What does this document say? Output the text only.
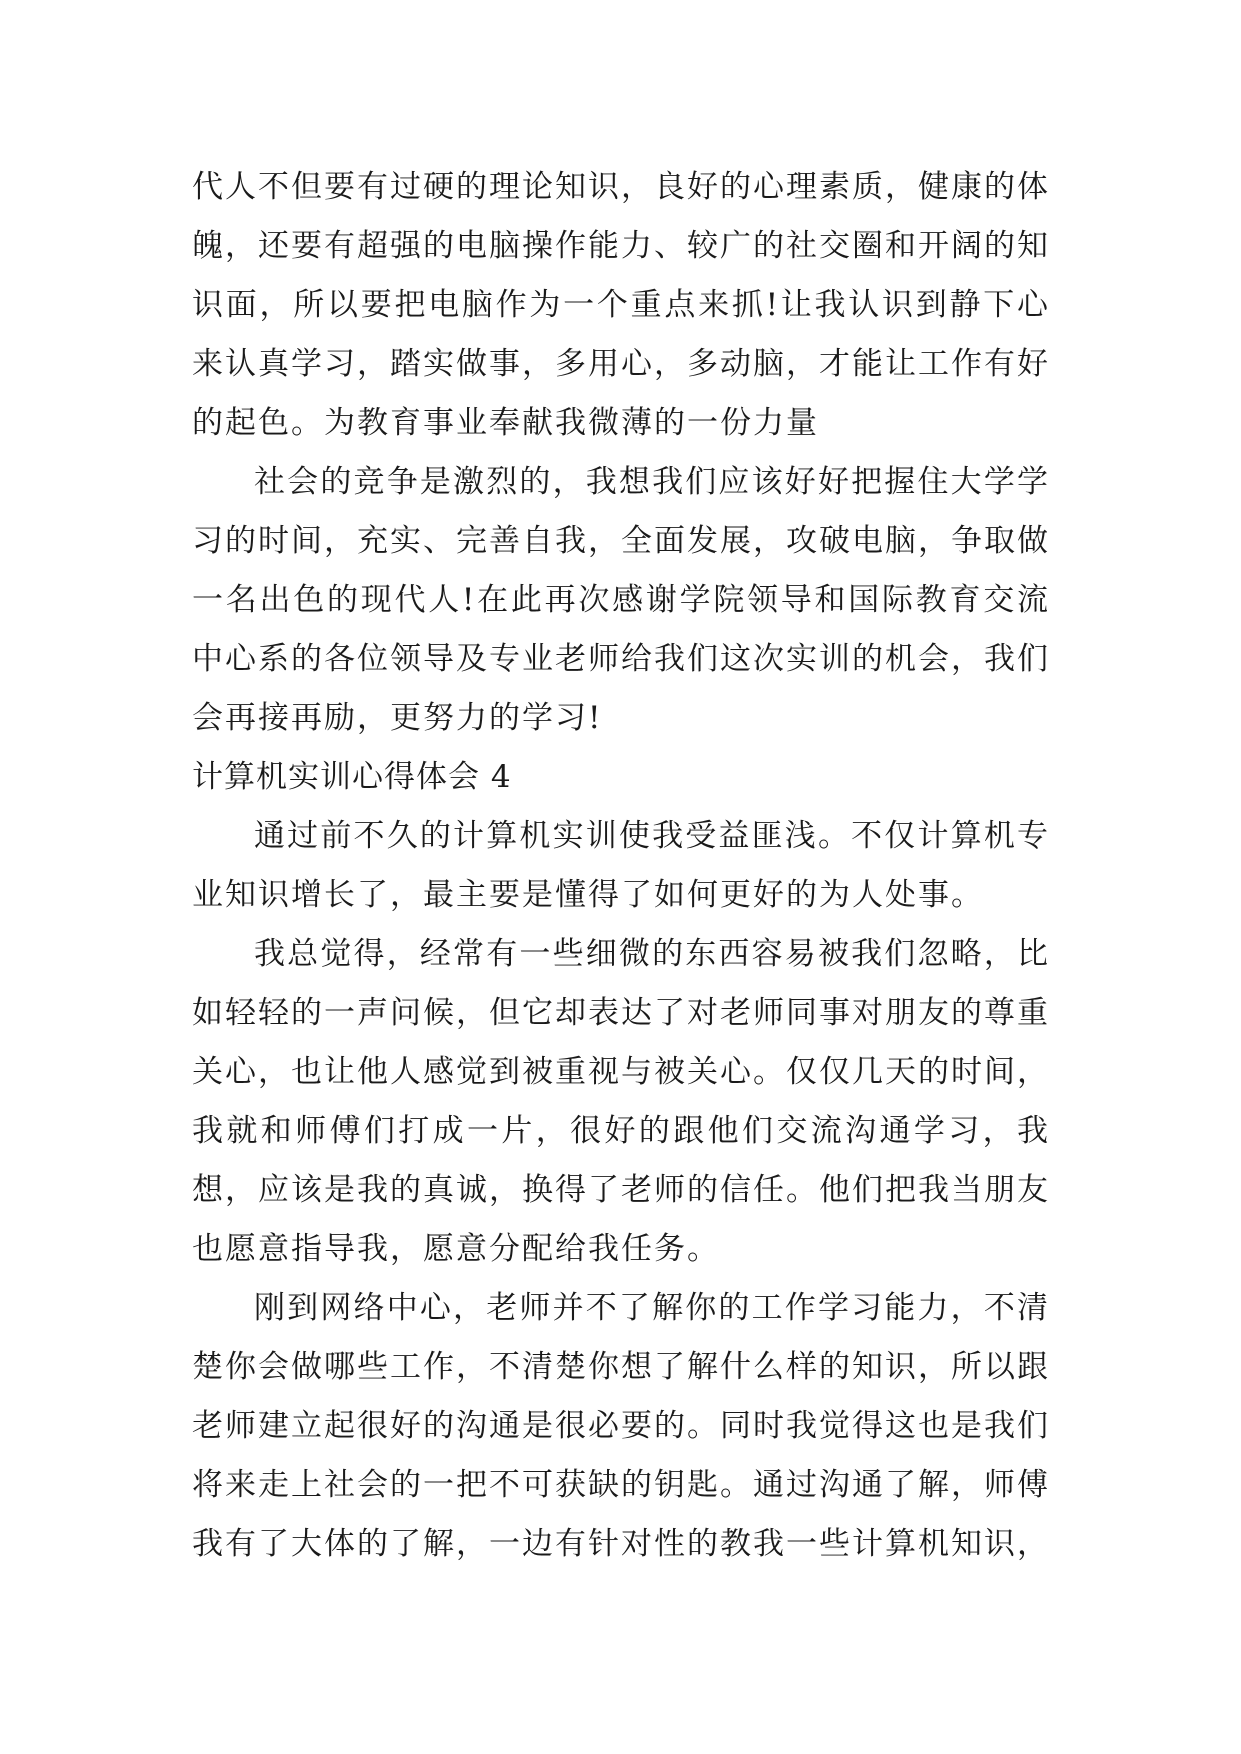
代人不但要有过硬的理论知识，良好的心理素质，健康的体魄，还要有超强的电脑操作能力、较广的社交圈和开阔的知识面，所以要把电脑作为一个重点来抓!让我认识到静下心来认真学习，踏实做事，多用心，多动脑，才能让工作有好的起色。为教育事业奉献我微薄的一份力量

社会的竞争是激烈的，我想我们应该好好把握住大学学习的时间，充实、完善自我，全面发展，攻破电脑，争取做一名出色的现代人!在此再次感谢学院领导和国际教育交流中心系的各位领导及专业老师给我们这次实训的机会，我们会再接再励，更努力的学习!

计算机实训心得体会 4

通过前不久的计算机实训使我受益匪浅。不仅计算机专业知识增长了，最主要是懂得了如何更好的为人处事。

我总觉得，经常有一些细微的东西容易被我们忽略，比如轻轻的一声问候，但它却表达了对老师同事对朋友的尊重关心，也让他人感觉到被重视与被关心。仅仅几天的时间，我就和师傅们打成一片，很好的跟他们交流沟通学习，我想，应该是我的真诚，换得了老师的信任。他们把我当朋友也愿意指导我，愿意分配给我任务。

刚到网络中心，老师并不了解你的工作学习能力，不清楚你会做哪些工作，不清楚你想了解什么样的知识，所以跟老师建立起很好的沟通是很必要的。同时我觉得这也是我们将来走上社会的一把不可获缺的钥匙。通过沟通了解，师傅我有了大体的了解，一边有针对性的教我一些计算机知识，
